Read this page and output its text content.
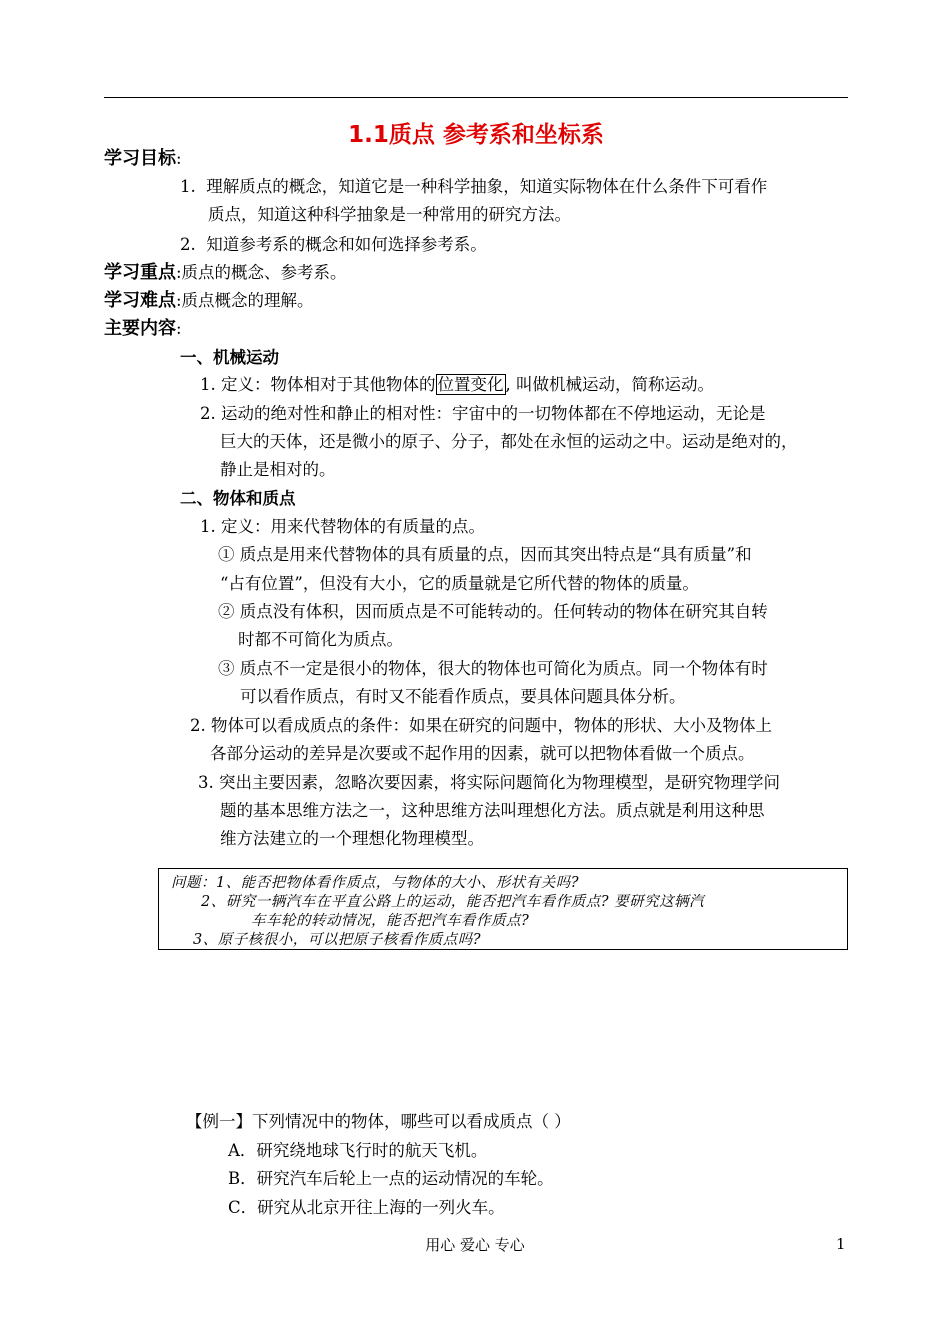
1.1质点 参考系和坐标系
学习目标:
1. 理解质点的概念，知道它是一种科学抽象，知道实际物体在什么条件下可看作
质点，知道这种科学抽象是一种常用的研究方法。
2. 知道参考系的概念和如何选择参考系。
学习重点:质点的概念、参考系。
学习难点:质点概念的理解。
主要内容:
一、机械运动
1. 定义：物体相对于其他物体的 位置变化 , 叫做机械运动，简称运动。
2. 运动的绝对性和静止的相对性：宇宙中的一切物体都在不停地运动，无论是
巨大的天体，还是微小的原子、分子，都处在永恒的运动之中。运动是绝对的，
静止是相对的。
二、物体和质点
1. 定义：用来代替物体的有质量的点。
① 质点是用来代替物体的具有质量的点，因而其突出特点是“具有质量”和
“占有位置”，但没有大小，它的质量就是它所代替的物体的质量。
② 质点没有体积，因而质点是不可能转动的。任何转动的物体在研究其自转
时都不可简化为质点。
③ 质点不一定是很小的物体，很大的物体也可简化为质点。同一个物体有时
可以看作质点，有时又不能看作质点，要具体问题具体分析。
2. 物体可以看成质点的条件：如果在研究的问题中，物体的形状、大小及物体上
各部分运动的差异是次要或不起作用的因素，就可以把物体看做一个质点。
3. 突出主要因素，忽略次要因素，将实际问题简化为物理模型，是研究物理学问
题的基本思维方法之一，这种思维方法叫理想化方法。质点就是利用这种思
维方法建立的一个理想化物理模型。
问题：1、能否把物体看作质点，与物体的大小、形状有关吗?
2、研究一辆汽车在平直公路上的运动，能否把汽车看作质点? 要研究这辆汽
车车轮的转动情况，能否把汽车看作质点?
3、原子核很小，可以把原子核看作质点吗?
【例一】下列情况中的物体，哪些可以看成质点（ ）
A．研究绕地球飞行时的航天飞机。
B．研究汽车后轮上一点的运动情况的车轮。
C．研究从北京开往上海的一列火车。
用心 爱心 专心	1
